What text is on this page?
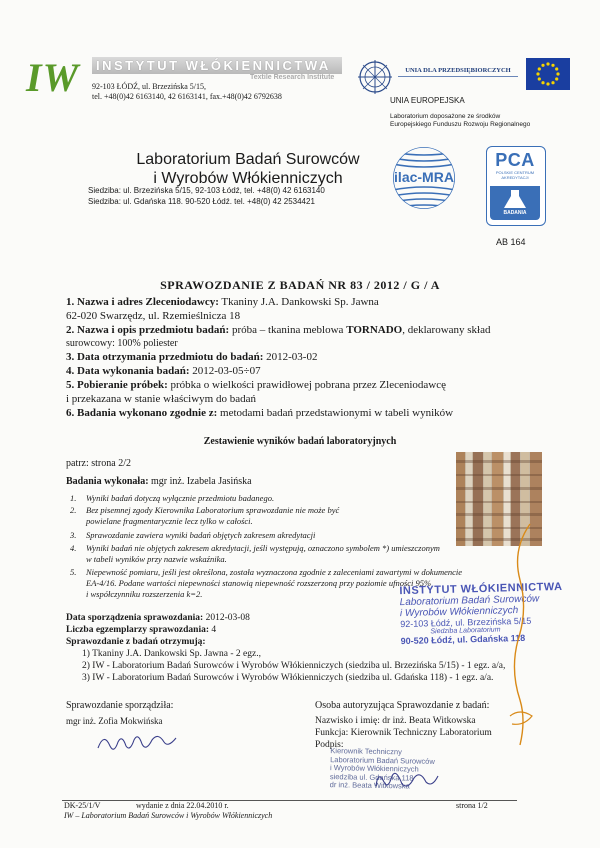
IW	INSTYTUT WŁÓKIENNICTWA
Textile Research Institute
92-103 ŁÓDŹ, ul. Brzezińska 5/15,
tel. +48(0)42 6163140, 42 6163141, fax.+48(0)42 6792638
UNIA DLA PRZEDSIĘBIORCZYCH
UNIA EUROPEJSKA
Laboratorium doposażone ze środków
Europejskiego Funduszu Rozwoju Regionalnego
Laboratorium Badań Surowców
i Wyrobów Włókienniczych
Siedziba: ul. Brzezińska 5/15, 92-103 Łódź, tel. +48(0) 42 6163140
Siedziba: ul. Gdańska 118. 90-520 Łódź. tel. +48(0) 42 2534421
ilac-MRA
PCA
POLSKIE CENTRUM AKREDYTACJI
BADANIA
AB 164
SPRAWOZDANIE Z BADAŃ NR 83 / 2012 / G / A
1. Nazwa i adres Zleceniodawcy: Tkaniny J.A. Dankowski Sp. Jawna
62-020 Swarzędz, ul. Rzemieślnicza 18
2. Nazwa i opis przedmiotu badań: próba – tkanina meblowa TORNADO, deklarowany skład
surowcowy: 100% poliester
3. Data otrzymania przedmiotu do badań: 2012-03-02
4. Data wykonania badań: 2012-03-05÷07
5. Pobieranie próbek: próbka o wielkości prawidłowej pobrana przez Zleceniodawcę
i przekazana w stanie właściwym do badań
6. Badania wykonano zgodnie z: metodami badań przedstawionymi w tabeli wyników
Zestawienie wyników badań laboratoryjnych
patrz: strona 2/2
Badania wykonała: mgr inż. Izabela Jasińska
1. Wyniki badań dotyczą wyłącznie przedmiotu badanego.
2. Bez pisemnej zgody Kierownika Laboratorium sprawozdanie nie może być
powielane fragmentarycznie lecz tylko w całości.
3. Sprawozdanie zawiera wyniki badań objętych zakresem akredytacji
4. Wyniki badań nie objętych zakresem akredytacji, jeśli występują, oznaczono symbolem *) umieszczonym
w tabeli wyników przy nazwie wskaźnika.
5. Niepewność pomiaru, jeśli jest określona, została wyznaczona zgodnie z zaleceniami zawartymi w dokumencie
EA-4/16. Podane wartości niepewności stanowią niepewność rozszerzoną przy poziomie ufności 95%
i współczynniku rozszerzenia k=2.
Data sporządzenia sprawozdania: 2012-03-08
Liczba egzemplarzy sprawozdania: 4
Sprawozdanie z badań otrzymują:
1) Tkaniny J.A. Dankowski Sp. Jawna - 2 egz.,
2) IW - Laboratorium Badań Surowców i Wyrobów Włókienniczych (siedziba ul. Brzezińska 5/15) - 1 egz. a/a,
3) IW - Laboratorium Badań Surowców i Wyrobów Włókienniczych (siedziba ul. Gdańska 118) - 1 egz. a/a.
INSTYTUT WŁÓKIENNICTWA
Laboratorium Badań Surowców
i Wyrobów Włókienniczych
92-103 Łódź, ul. Brzezińska 5/15
Siedziba Laboratorium
90-520 Łódź, ul. Gdańska 118
Sprawozdanie sporządziła:
mgr inż. Zofia Mokwińska
Osoba autoryzująca Sprawozdanie z badań:
Nazwisko i imię: dr inż. Beata Witkowska
Funkcja: Kierownik Techniczny Laboratorium
Podpis:
Kierownik Techniczny
Laboratorium Badań Surowców
i Wyrobów Włókienniczych
siedziba ul. Gdańska 118
dr inż. Beata Witkowska
DK-25/1/V	wydanie z dnia 22.04.2010 r.	strona 1/2
IW – Laboratorium Badań Surowców i Wyrobów Włókienniczych
